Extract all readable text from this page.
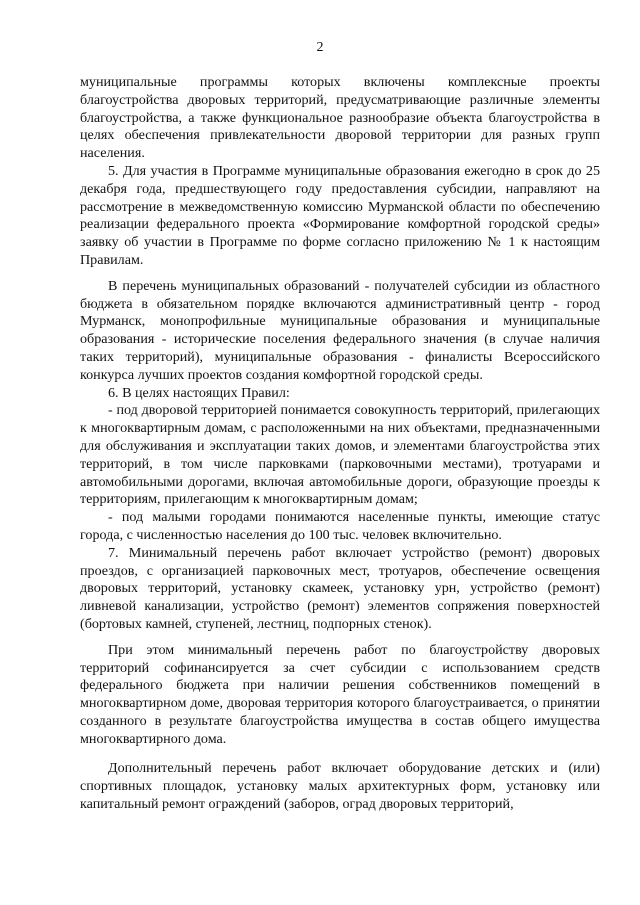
2

муниципальные программы которых включены комплексные проекты благоустройства дворовых территорий, предусматривающие различные элементы благоустройства, а также функциональное разнообразие объекта благоустройства в целях обеспечения привлекательности дворовой территории для разных групп населения.

5. Для участия в Программе муниципальные образования ежегодно в срок до 25 декабря года, предшествующего году предоставления субсидии, направляют на рассмотрение в межведомственную комиссию Мурманской области по обеспечению реализации федерального проекта «Формирование комфортной городской среды» заявку об участии в Программе по форме согласно приложению № 1 к настоящим Правилам.

В перечень муниципальных образований - получателей субсидии из областного бюджета в обязательном порядке включаются административный центр - город Мурманск, монопрофильные муниципальные образования и муниципальные образования - исторические поселения федерального значения (в случае наличия таких территорий), муниципальные образования - финалисты Всероссийского конкурса лучших проектов создания комфортной городской среды.

6. В целях настоящих Правил:

- под дворовой территорией понимается совокупность территорий, прилегающих к многоквартирным домам, с расположенными на них объектами, предназначенными для обслуживания и эксплуатации таких домов, и элементами благоустройства этих территорий, в том числе парковками (парковочными местами), тротуарами и автомобильными дорогами, включая автомобильные дороги, образующие проезды к территориям, прилегающим к многоквартирным домам;

- под малыми городами понимаются населенные пункты, имеющие статус города, с численностью населения до 100 тыс. человек включительно.

7. Минимальный перечень работ включает устройство (ремонт) дворовых проездов, с организацией парковочных мест, тротуаров, обеспечение освещения дворовых территорий, установку скамеек, установку урн, устройство (ремонт) ливневой канализации, устройство (ремонт) элементов сопряжения поверхностей (бортовых камней, ступеней, лестниц, подпорных стенок).

При этом минимальный перечень работ по благоустройству дворовых территорий софинансируется за счет субсидии с использованием средств федерального бюджета при наличии решения собственников помещений в многоквартирном доме, дворовая территория которого благоустраивается, о принятии созданного в результате благоустройства имущества в состав общего имущества многоквартирного дома.

Дополнительный перечень работ включает оборудование детских и (или) спортивных площадок, установку малых архитектурных форм, установку или капитальный ремонт ограждений (заборов, оград дворовых территорий,
